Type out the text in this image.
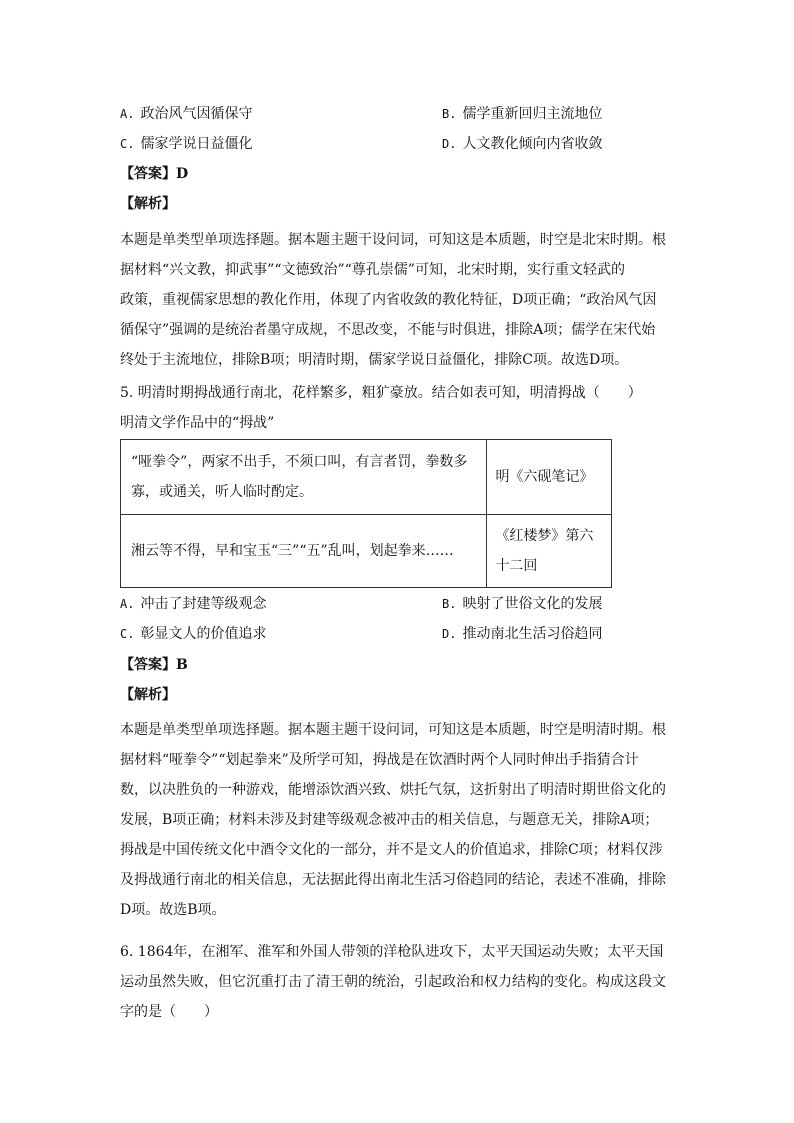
A. 政治风气因循保守	B. 儒学重新回归主流地位
C. 儒家学说日益僵化	D. 人文教化倾向内省收敛
【答案】D
【解析】
本题是单类型单项选择题。据本题主题干设问词，可知这是本质题，时空是北宋时期。根
据材料“兴文教，抑武事”“文德致治”“尊孔崇儒”可知，北宋时期，实行重文轻武的
政策，重视儒家思想的教化作用，体现了内省收敛的教化特征，D项正确；“政治风气因
循保守”强调的是统治者墨守成规，不思改变，不能与时俱进，排除A项；儒学在宋代始
终处于主流地位，排除B项；明清时期，儒家学说日益僵化，排除C项。故选D项。
5. 明清时期拇战通行南北，花样繁多，粗犷豪放。结合如表可知，明清拇战（　　）
明清文学作品中的“拇战”
“哑拳令”，两家不出手，不须口叫，有言者罚，拳数多
寡，或通关，听人临时酌定。	明《六砚笔记》

湘云等不得，早和宝玉“三”“五”乱叫，划起拳来……	《红楼梦》第六
十二回
A. 冲击了封建等级观念	B. 映射了世俗文化的发展
C. 彰显文人的价值追求	D. 推动南北生活习俗趋同
【答案】B
【解析】
本题是单类型单项选择题。据本题主题干设问词，可知这是本质题，时空是明清时期。根
据材料“哑拳令”“划起拳来”及所学可知，拇战是在饮酒时两个人同时伸出手指猜合计
数，以决胜负的一种游戏，能增添饮酒兴致、烘托气氛，这折射出了明清时期世俗文化的
发展，B项正确；材料未涉及封建等级观念被冲击的相关信息，与题意无关，排除A项；
拇战是中国传统文化中酒令文化的一部分，并不是文人的价值追求，排除C项；材料仅涉
及拇战通行南北的相关信息，无法据此得出南北生活习俗趋同的结论，表述不准确，排除
D项。故选B项。
6. 1864年，在湘军、淮军和外国人带领的洋枪队进攻下，太平天国运动失败；太平天国
运动虽然失败，但它沉重打击了清王朝的统治，引起政治和权力结构的变化。构成这段文
字的是（　　）
